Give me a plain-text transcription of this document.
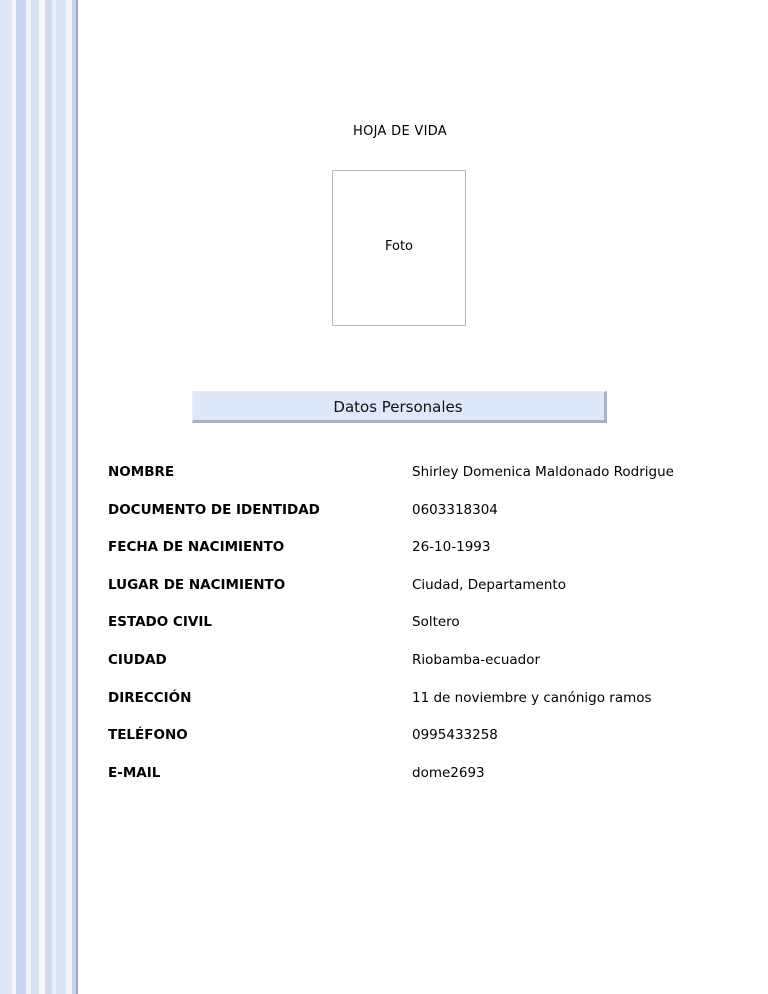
HOJA DE VIDA
Foto
Datos Personales
NOMBRE	Shirley Domenica Maldonado Rodrigue
DOCUMENTO DE IDENTIDAD	0603318304
FECHA DE NACIMIENTO	26-10-1993
LUGAR DE NACIMIENTO	Ciudad, Departamento
ESTADO CIVIL	Soltero
CIUDAD	Riobamba-ecuador
DIRECCIÓN	11 de noviembre y canónigo ramos
TELÉFONO	0995433258
E-MAIL	dome2693
